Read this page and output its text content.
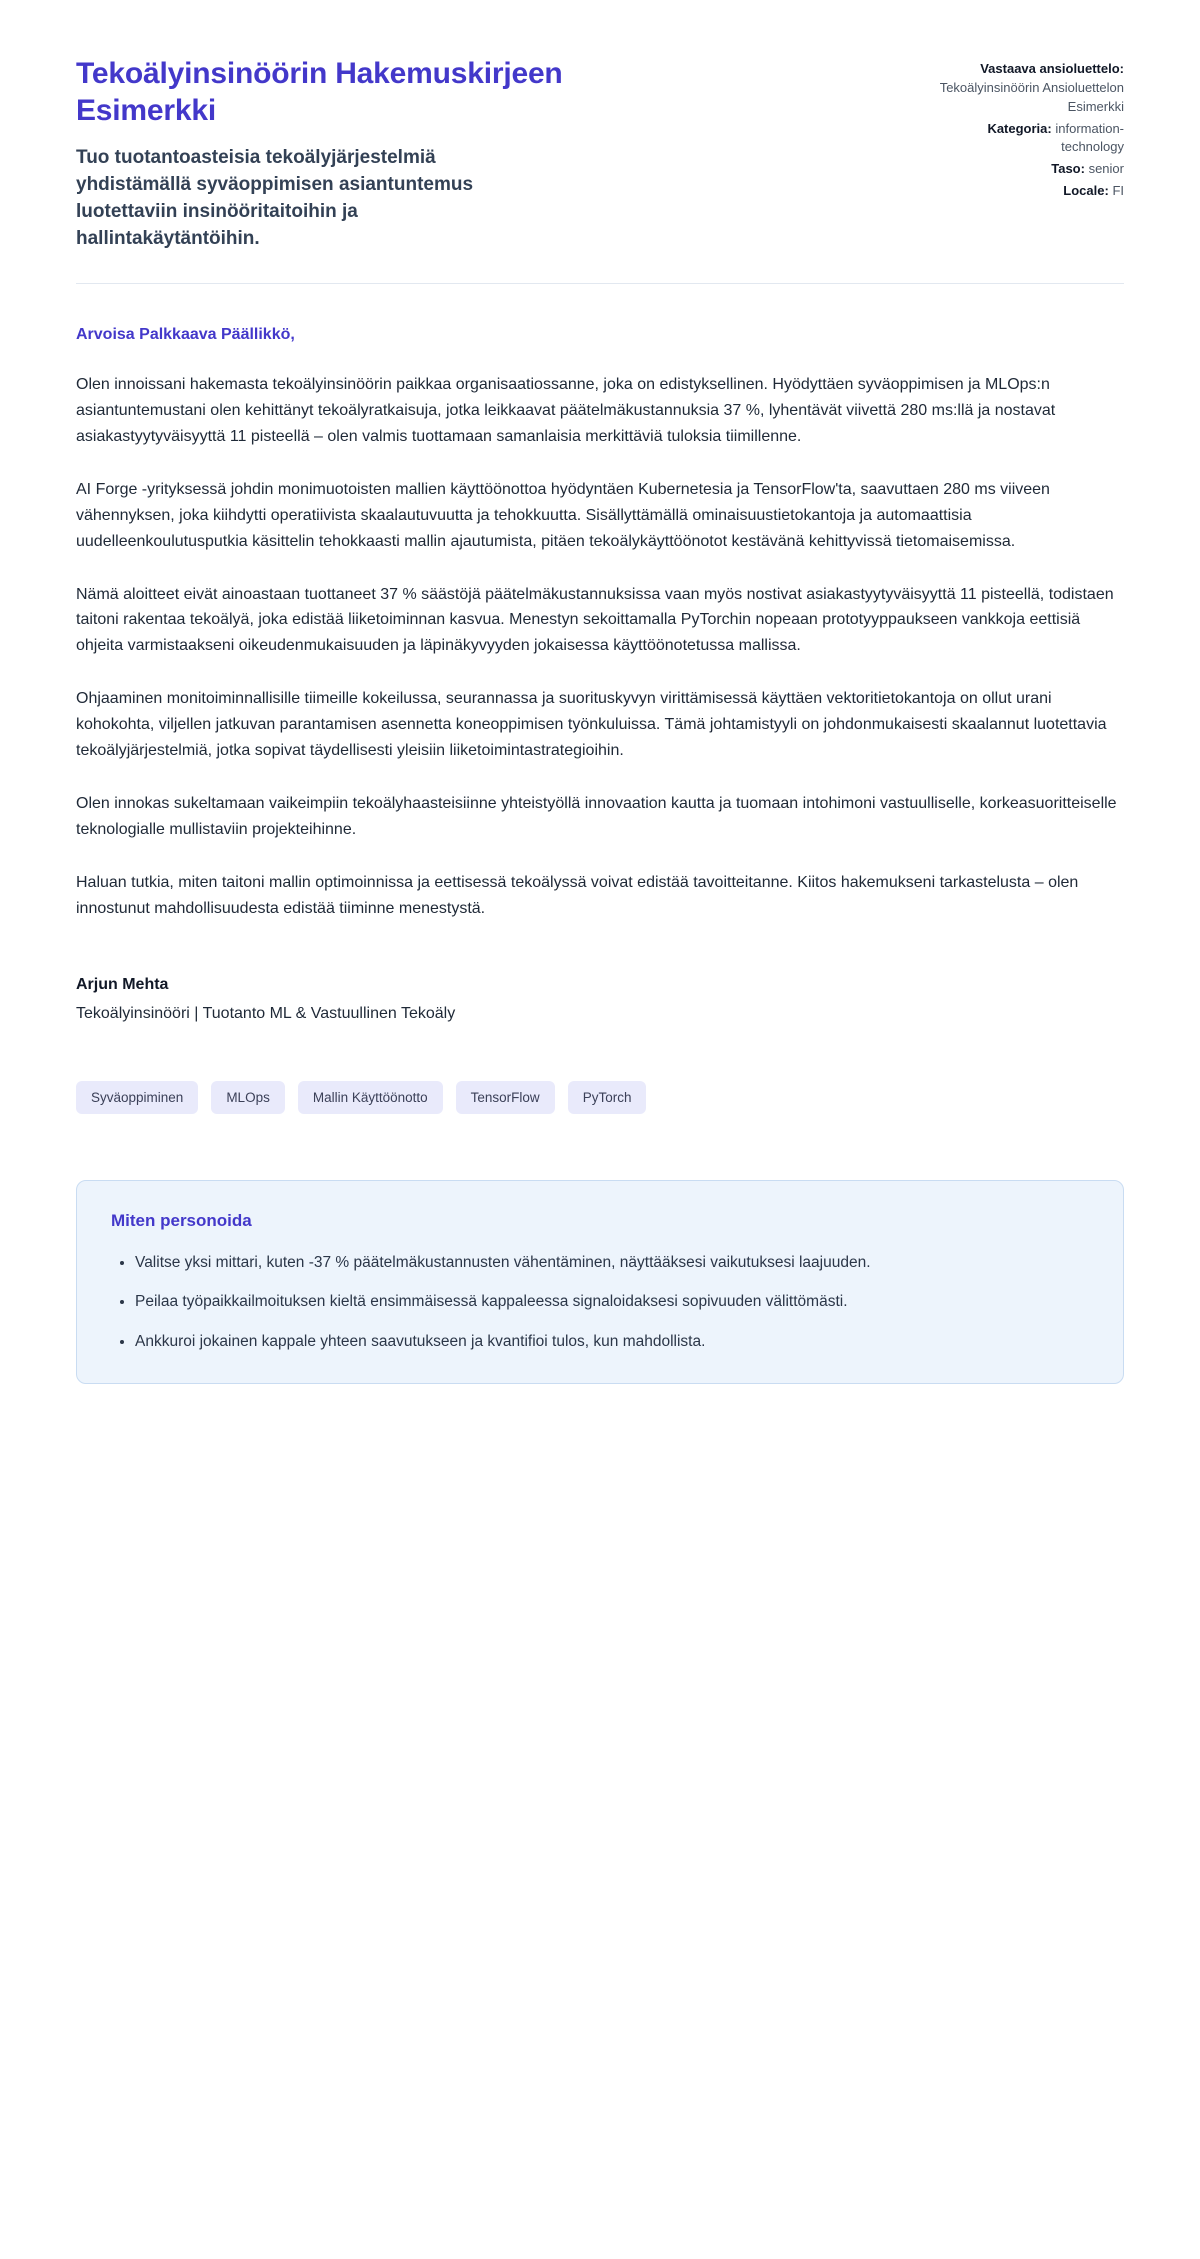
Tekoälyinsinöörin Hakemuskirjeen Esimerkki

Tuo tuotantoasteisia tekoälyjärjestelmiä yhdistämällä syväoppimisen asiantuntemus luotettaviin insinööritaitoihin ja hallintakäytäntöihin.

Vastaava ansioluettelo: Tekoälyinsinöörin Ansioluettelon Esimerkki
Kategoria: information-technology
Taso: senior
Locale: FI

Arvoisa Palkkaava Päällikkö,

Olen innoissani hakemasta tekoälyinsinöörin paikkaa organisaatiossanne, joka on edistyksellinen. Hyödyttäen syväoppimisen ja MLOps:n asiantuntemustani olen kehittänyt tekoälyratkaisuja, jotka leikkaavat päätelmäkustannuksia 37 %, lyhentävät viivettä 280 ms:llä ja nostavat asiakastyytyväisyyttä 11 pisteellä – olen valmis tuottamaan samanlaisia merkittäviä tuloksia tiimillenne.

AI Forge -yrityksessä johdin monimuotoisten mallien käyttöönottoa hyödyntäen Kubernetesia ja TensorFlow'ta, saavuttaen 280 ms viiveen vähennyksen, joka kiihdytti operatiivista skaalautuvuutta ja tehokkuutta. Sisällyttämällä ominaisuustietokantoja ja automaattisia uudelleenkoulutusputkia käsittelin tehokkaasti mallin ajautumista, pitäen tekoälykäyttöönotot kestävänä kehittyvissä tietomaisemissa.

Nämä aloitteet eivät ainoastaan tuottaneet 37 % säästöjä päätelmäkustannuksissa vaan myös nostivat asiakastyytyväisyyttä 11 pisteellä, todistaen taitoni rakentaa tekoälyä, joka edistää liiketoiminnan kasvua. Menestyn sekoittamalla PyTorchin nopeaan prototyyppaukseen vankkoja eettisiä ohjeita varmistaakseni oikeudenmukaisuuden ja läpinäkyvyyden jokaisessa käyttöönotetussa mallissa.

Ohjaaminen monitoiminnallisille tiimeille kokeilussa, seurannassa ja suorituskyvyn virittämisessä käyttäen vektoritietokantoja on ollut urani kohokohta, viljellen jatkuvan parantamisen asennetta koneoppimisen työnkuluissa. Tämä johtamistyyli on johdonmukaisesti skaalannut luotettavia tekoälyjärjestelmiä, jotka sopivat täydellisesti yleisiin liiketoimintastrategioihin.

Olen innokas sukeltamaan vaikeimpiin tekoälyhaasteisiinne yhteistyöllä innovaation kautta ja tuomaan intohimoni vastuulliselle, korkeasuoritteiselle teknologialle mullistaviin projekteihinne.

Haluan tutkia, miten taitoni mallin optimoinnissa ja eettisessä tekoälyssä voivat edistää tavoitteitanne. Kiitos hakemukseni tarkastelusta – olen innostunut mahdollisuudesta edistää tiiminne menestystä.

Arjun Mehta

Tekoälyinsinööri | Tuotanto ML & Vastuullinen Tekoäly

Syväoppiminen	MLOps	Mallin Käyttöönotto	TensorFlow	PyTorch
Miten personoida
• Valitse yksi mittari, kuten -37 % päätelmäkustannusten vähentäminen, näyttääksesi vaikutuksesi laajuuden.
• Peilaa työpaikkailmoituksen kieltä ensimmäisessä kappaleessa signaloidaksesi sopivuuden välittömästi.
• Ankkuroi jokainen kappale yhteen saavutukseen ja kvantifioi tulos, kun mahdollista.
